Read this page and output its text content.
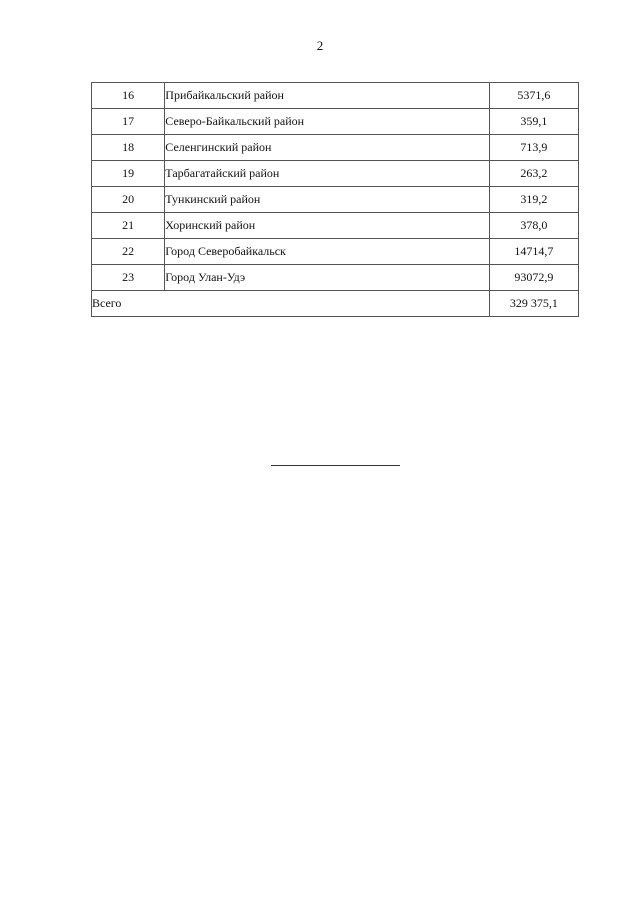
2
16	Прибайкальский район	5371,6
17	Северо-Байкальский район	359,1
18	Селенгинский район	713,9
19	Тарбагатайский район	263,2
20	Тункинский район	319,2
21	Хоринский район	378,0
22	Город Северобайкальск	14714,7
23	Город Улан-Удэ	93072,9
Всего		329 375,1
